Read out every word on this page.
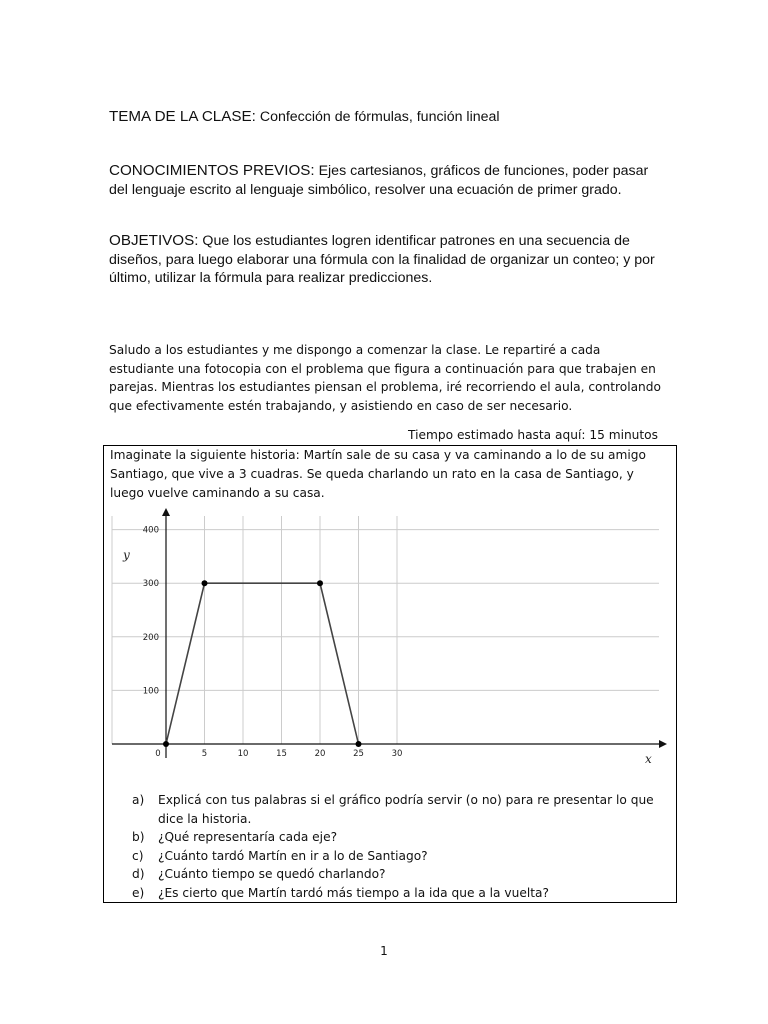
TEMA DE LA CLASE: Confección de fórmulas, función lineal
CONOCIMIENTOS PREVIOS: Ejes cartesianos, gráficos de funciones, poder pasar del lenguaje escrito al lenguaje simbólico, resolver una ecuación de primer grado.
OBJETIVOS: Que los estudiantes logren identificar patrones en una secuencia de diseños, para luego elaborar una fórmula con la finalidad de organizar un conteo; y por último, utilizar la fórmula para realizar predicciones.
Saludo a los estudiantes y me dispongo a comenzar la clase. Le repartiré a cada estudiante una fotocopia con el problema que figura a continuación para que trabajen en parejas. Mientras los estudiantes piensan el problema, iré recorriendo el aula, controlando que efectivamente estén trabajando, y asistiendo en caso de ser necesario.
Tiempo estimado hasta aquí: 15 minutos
Imaginate la siguiente historia: Martín sale de su casa y va caminando a lo de su amigo Santiago, que vive a 3 cuadras. Se queda charlando un rato en la casa de Santiago, y luego vuelve caminando a su casa.
0	5	10	15	20	25	30
100
200
300
400
y
x
a) Explicá con tus palabras si el gráfico podría servir (o no) para re presentar lo que dice la historia.
b) ¿Qué representaría cada eje?
c) ¿Cuánto tardó Martín en ir a lo de Santiago?
d) ¿Cuánto tiempo se quedó charlando?
e) ¿Es cierto que Martín tardó más tiempo a la ida que a la vuelta?
1
